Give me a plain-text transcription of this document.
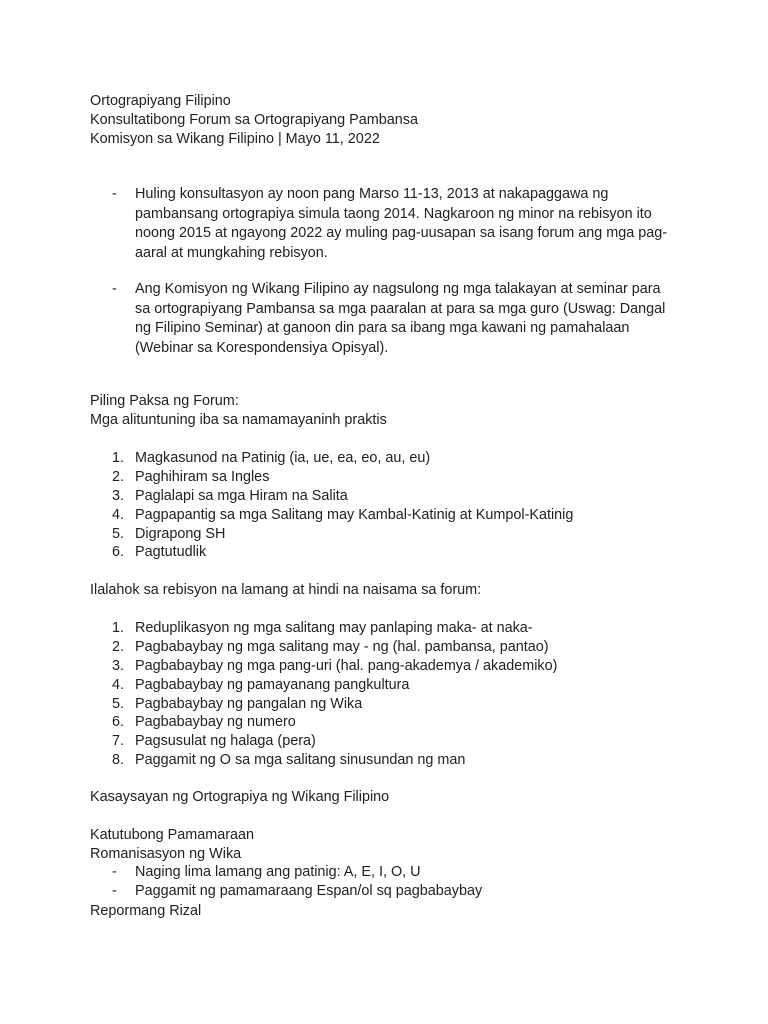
Ortograpiyang Filipino
Konsultatibong Forum sa Ortograpiyang Pambansa
Komisyon sa Wikang Filipino | Mayo 11, 2022
- Huling konsultasyon ay noon pang Marso 11-13, 2013 at nakapaggawa ng pambansang ortograpiya simula taong 2014. Nagkaroon ng minor na rebisyon ito noong 2015 at ngayong 2022 ay muling pag-uusapan sa isang forum ang mga pag-aaral at mungkahing rebisyon.
- Ang Komisyon ng Wikang Filipino ay nagsulong ng mga talakayan at seminar para sa ortograpiyang Pambansa sa mga paaralan at para sa mga guro (Uswag: Dangal ng Filipino Seminar) at ganoon din para sa ibang mga kawani ng pamahalaan (Webinar sa Korespondensiya Opisyal).
Piling Paksa ng Forum:
Mga alituntuning iba sa namamayaninh praktis
1. Magkasunod na Patinig (ia, ue, ea, eo, au, eu)
2. Paghihiram sa Ingles
3. Paglalapi sa mga Hiram na Salita
4. Pagpapantig sa mga Salitang may Kambal-Katinig at Kumpol-Katinig
5. Digrapong SH
6. Pagtutudlik
Ilalahok sa rebisyon na lamang at hindi na naisama sa forum:
1. Reduplikasyon ng mga salitang may panlaping maka- at naka-
2. Pagbabaybay ng mga salitang may - ng (hal. pambansa, pantao)
3. Pagbabaybay ng mga pang-uri (hal. pang-akademya / akademiko)
4. Pagbabaybay ng pamayanang pangkultura
5. Pagbabaybay ng pangalan ng Wika
6. Pagbabaybay ng numero
7. Pagsusulat ng halaga (pera)
8. Paggamit ng O sa mga salitang sinusundan ng man
Kasaysayan ng Ortograpiya ng Wikang Filipino
Katutubong Pamamaraan
Romanisasyon ng Wika
- Naging lima lamang ang patinig: A, E, I, O, U
- Paggamit ng pamamaraang Espan/ol sq pagbabaybay
Repormang Rizal
